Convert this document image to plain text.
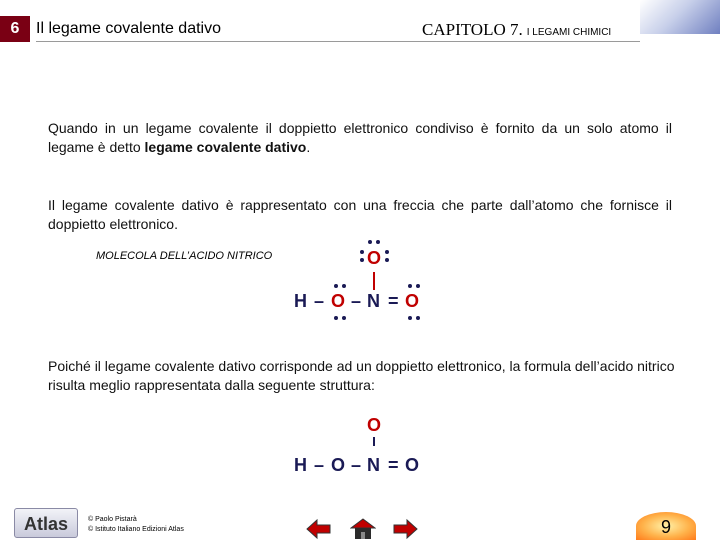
6	Il legame covalente dativo	CAPITOLO 7. I LEGAMI CHIMICI
Quando in un legame covalente il doppietto elettronico condiviso è fornito da un solo atomo il legame è detto legame covalente dativo.
Il legame covalente dativo è rappresentato con una freccia che parte dall’atomo che fornisce il doppietto elettronico.
MOLECOLA DELL’ACIDO NITRICO	O
H – O – N = O
Poiché il legame covalente dativo corrisponde ad un doppietto elettronico, la formula dell’acido nitrico risulta meglio rappresentata dalla seguente struttura:
O
H – O – N = O
Atlas	© Paolo Pistarà
© Istituto Italiano Edizioni Atlas	9
